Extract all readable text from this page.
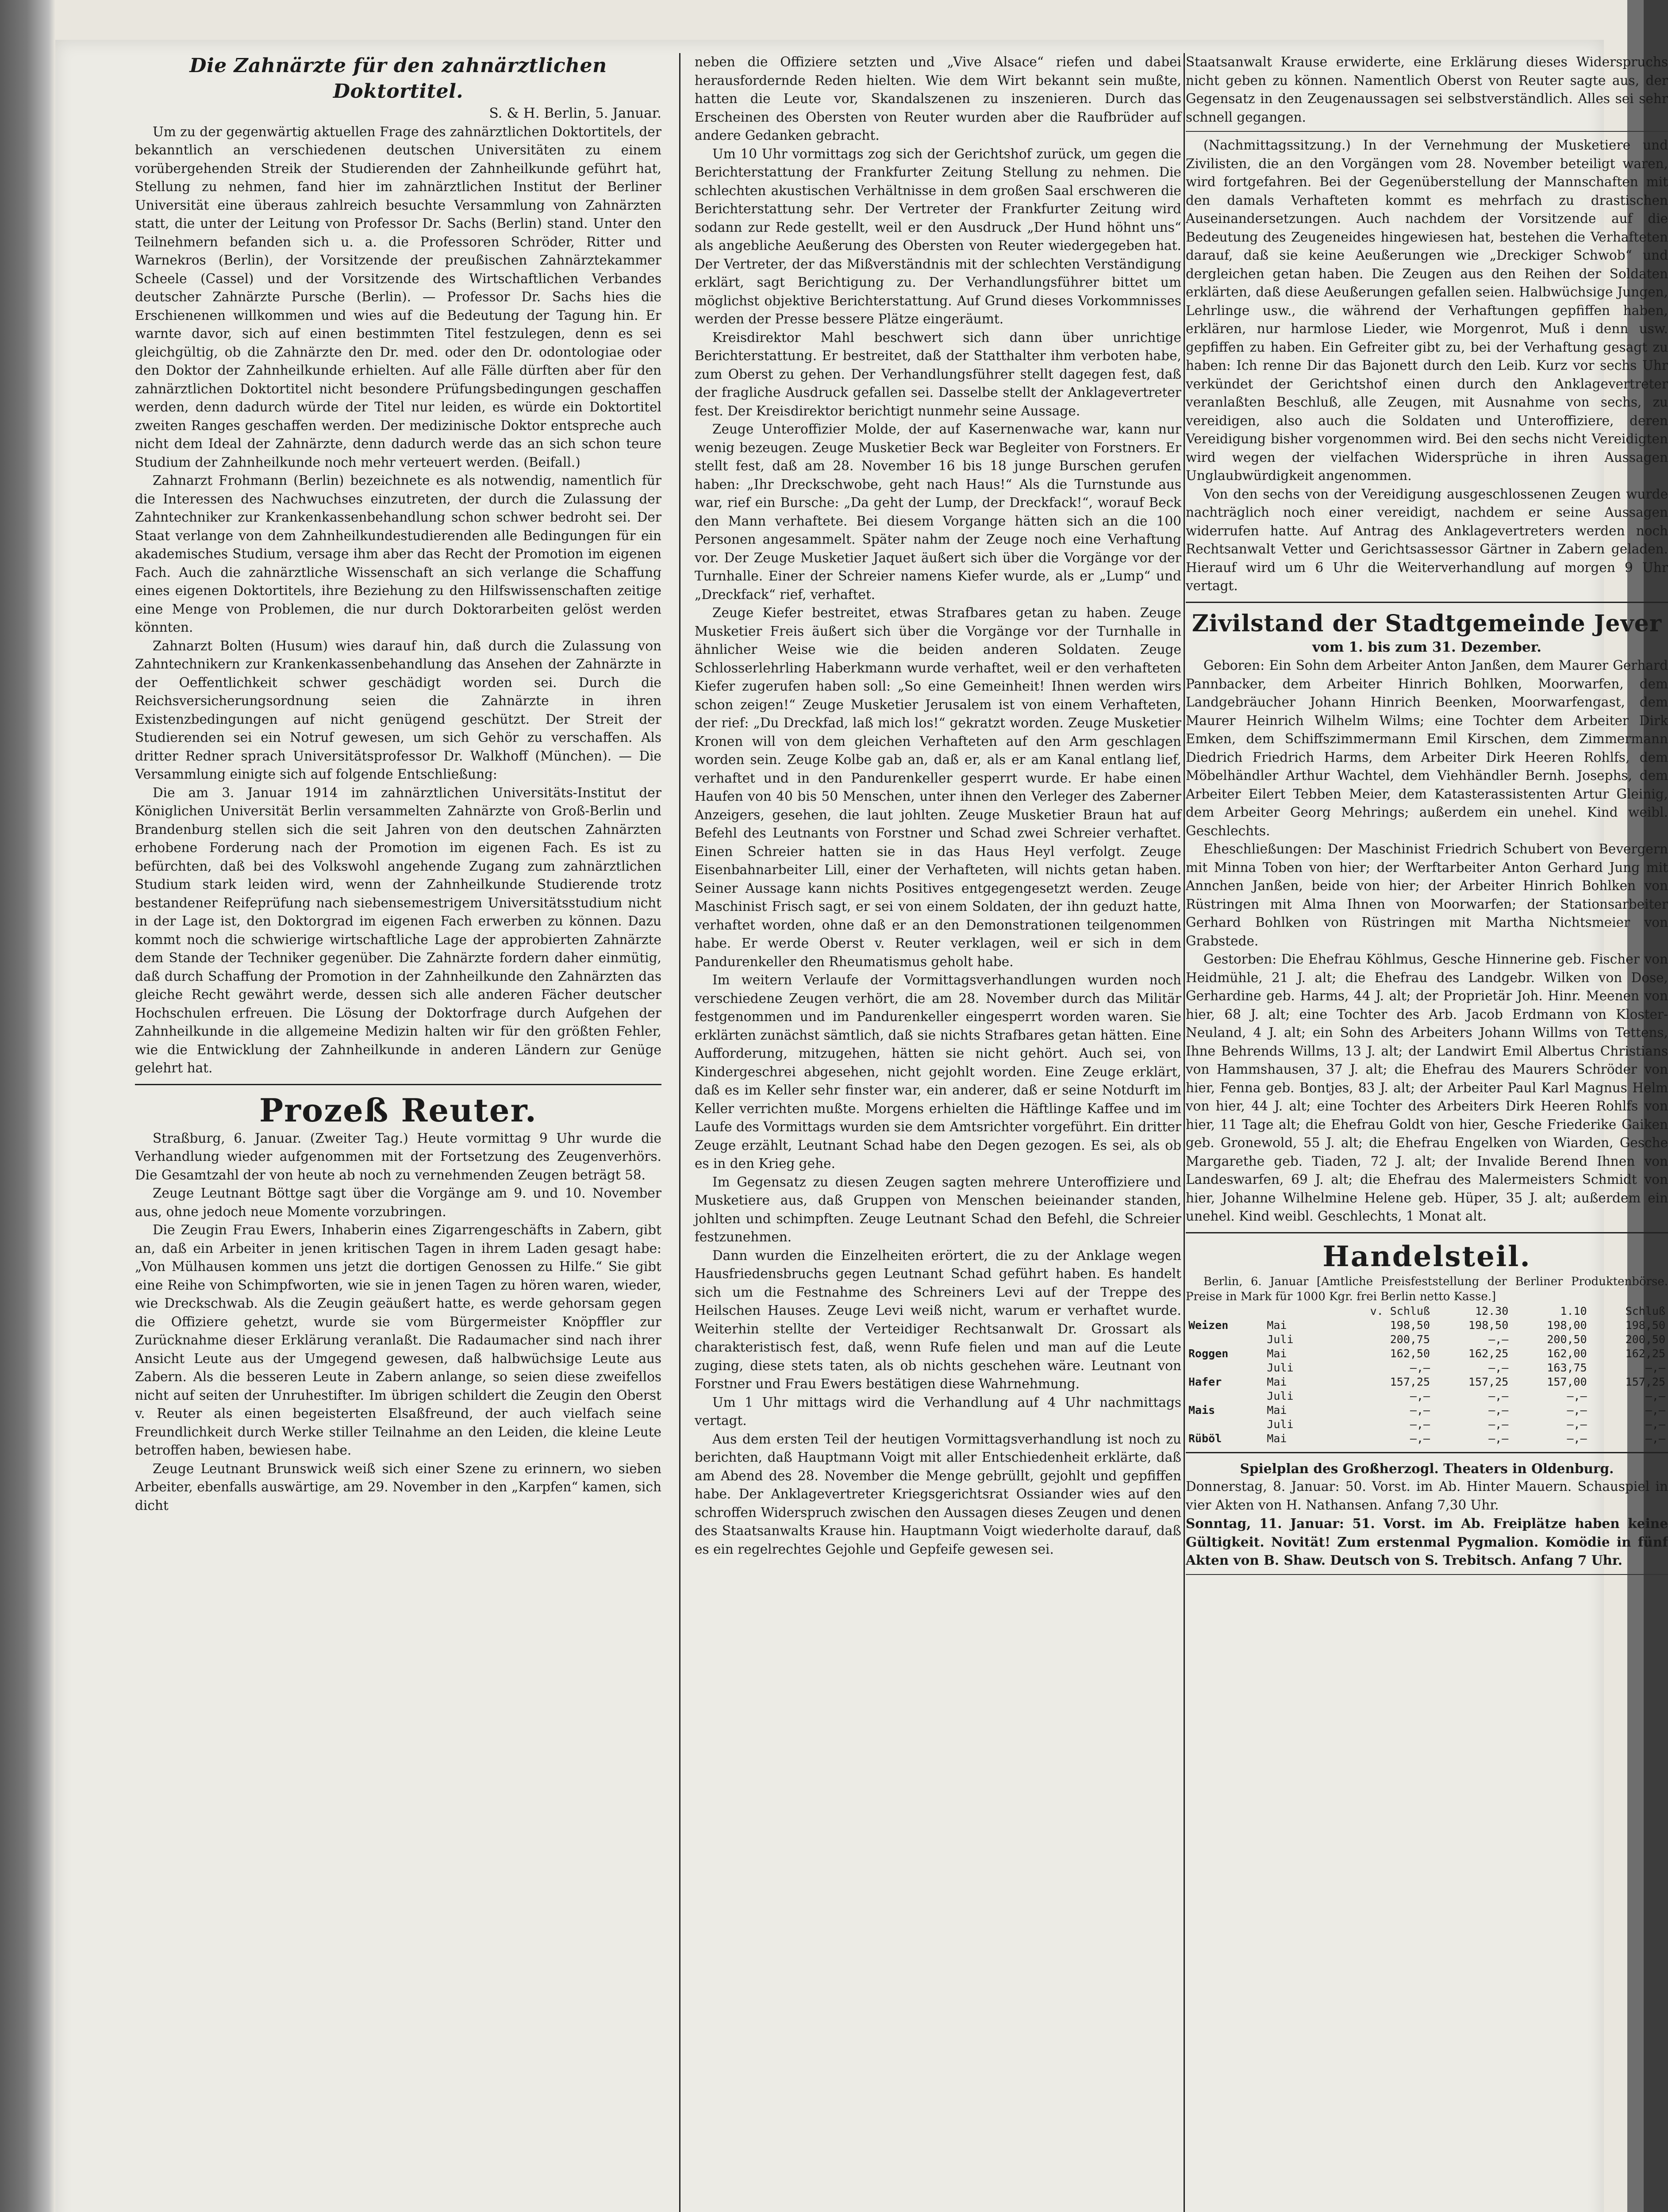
Die Zahnärzte für den zahnärztlichen Doktortitel.
S. & H. Berlin, 5. Januar.

Um zu der gegenwärtig aktuellen Frage des zahnärztlichen Doktortitels, der bekanntlich an verschiedenen deutschen Universitäten zu einem vorübergehenden Streik der Studierenden der Zahnheilkunde geführt hat, Stellung zu nehmen, fand hier im zahnärztlichen Institut der Berliner Universität eine überaus zahlreich besuchte Versammlung von Zahnärzten statt, die unter der Leitung von Professor Dr. Sachs (Berlin) stand. Unter den Teilnehmern befanden sich u. a. die Professoren Schröder, Ritter und Warnekros (Berlin), der Vorsitzende der preußischen Zahnärztekammer Scheele (Cassel) und der Vorsitzende des Wirtschaftlichen Verbandes deutscher Zahnärzte Pursche (Berlin). — Professor Dr. Sachs hies die Erschienenen willkommen und wies auf die Bedeutung der Tagung hin. Er warnte davor, sich auf einen bestimmten Titel festzulegen, denn es sei gleichgültig, ob die Zahnärzte den Dr. med. oder den Dr. odontologiae oder den Doktor der Zahnheilkunde erhielten. Auf alle Fälle dürften aber für den zahnärztlichen Doktortitel nicht besondere Prüfungsbedingungen geschaffen werden, denn dadurch würde der Titel nur leiden, es würde ein Doktortitel zweiten Ranges geschaffen werden. Der medizinische Doktor entspreche auch nicht dem Ideal der Zahnärzte, denn dadurch werde das an sich schon teure Studium der Zahnheilkunde noch mehr verteuert werden. (Beifall.)

Zahnarzt Frohmann (Berlin) bezeichnete es als notwendig, namentlich für die Interessen des Nachwuchses einzutreten, der durch die Zulassung der Zahntechniker zur Krankenkassenbehandlung schon schwer bedroht sei. Der Staat verlange von dem Zahnheilkundestudierenden alle Bedingungen für ein akademisches Studium, versage ihm aber das Recht der Promotion im eigenen Fach. Auch die zahnärztliche Wissenschaft an sich verlange die Schaffung eines eigenen Doktortitels, ihre Beziehung zu den Hilfswissenschaften zeitige eine Menge von Problemen, die nur durch Doktorarbeiten gelöst werden könnten.

Zahnarzt Bolten (Husum) wies darauf hin, daß durch die Zulassung von Zahntechnikern zur Krankenkassenbehandlung das Ansehen der Zahnärzte in der Oeffentlichkeit schwer geschädigt worden sei. Durch die Reichsversicherungsordnung seien die Zahnärzte in ihren Existenzbedingungen auf nicht genügend geschützt. Der Streit der Studierenden sei ein Notruf gewesen, um sich Gehör zu verschaffen. Als dritter Redner sprach Universitätsprofessor Dr. Walkhoff (München). — Die Versammlung einigte sich auf folgende Entschließung:

Die am 3. Januar 1914 im zahnärztlichen Universitäts-Institut der Königlichen Universität Berlin versammelten Zahnärzte von Groß-Berlin und Brandenburg stellen sich die seit Jahren von den deutschen Zahnärzten erhobene Forderung nach der Promotion im eigenen Fach. Es ist zu befürchten, daß bei des Volkswohl angehende Zugang zum zahnärztlichen Studium stark leiden wird, wenn der Zahnheilkunde Studierende trotz bestandener Reifeprüfung nach siebensemestrigem Universitätsstudium nicht in der Lage ist, den Doktorgrad im eigenen Fach erwerben zu können. Dazu kommt noch die schwierige wirtschaftliche Lage der approbierten Zahnärzte dem Stande der Techniker gegenüber. Die Zahnärzte fordern daher einmütig, daß durch Schaffung der Promotion in der Zahnheilkunde den Zahnärzten das gleiche Recht gewährt werde, dessen sich alle anderen Fächer deutscher Hochschulen erfreuen. Die Lösung der Doktorfrage durch Aufgehen der Zahnheilkunde in die allgemeine Medizin halten wir für den größten Fehler, wie die Entwicklung der Zahnheilkunde in anderen Ländern zur Genüge gelehrt hat.

Prozeß Reuter.

Straßburg, 6. Januar. (Zweiter Tag.) Heute vormittag 9 Uhr wurde die Verhandlung wieder aufgenommen mit der Fortsetzung des Zeugenverhörs. Die Gesamtzahl der von heute ab noch zu vernehmenden Zeugen beträgt 58.

Zeuge Leutnant Böttge sagt über die Vorgänge am 9. und 10. November aus, ohne jedoch neue Momente vorzubringen.

Die Zeugin Frau Ewers, Inhaberin eines Zigarrengeschäfts in Zabern, gibt an, daß ein Arbeiter in jenen kritischen Tagen in ihrem Laden gesagt habe: „Von Mülhausen kommen uns jetzt die dortigen Genossen zu Hilfe.“ Sie gibt eine Reihe von Schimpfworten, wie sie in jenen Tagen zu hören waren, wieder, wie Dreckschwab. Als die Zeugin geäußert hatte, es werde gehorsam gegen die Offiziere gehetzt, wurde sie vom Bürgermeister Knöpffler zur Zurücknahme dieser Erklärung veranlaßt. Die Radaumacher sind nach ihrer Ansicht Leute aus der Umgegend gewesen, daß halbwüchsige Leute aus Zabern. Als die besseren Leute in Zabern anlange, so seien diese zweifellos nicht auf seiten der Unruhestifter. Im übrigen schildert die Zeugin den Oberst v. Reuter als einen begeisterten Elsaßfreund, der auch vielfach seine Freundlichkeit durch Werke stiller Teilnahme an den Leiden, die kleine Leute betroffen haben, bewiesen habe.

Zeuge Leutnant Brunswick weiß sich einer Szene zu erinnern, wo sieben Arbeiter, ebenfalls auswärtige, am 29. November in den „Karpfen“ kamen, sich dicht

neben die Offiziere setzten und „Vive Alsace“ riefen und dabei herausfordernde Reden hielten. Wie dem Wirt bekannt sein mußte, hatten die Leute vor, Skandalszenen zu inszenieren. Durch das Erscheinen des Obersten von Reuter wurden aber die Raufbrüder auf andere Gedanken gebracht.

Um 10 Uhr vormittags zog sich der Gerichtshof zurück, um gegen die Berichterstattung der Frankfurter Zeitung Stellung zu nehmen. Die schlechten akustischen Verhältnisse in dem großen Saal erschweren die Berichterstattung sehr. Der Vertreter der Frankfurter Zeitung wird sodann zur Rede gestellt, weil er den Ausdruck „Der Hund höhnt uns“ als angebliche Aeußerung des Obersten von Reuter wiedergegeben hat. Der Vertreter, der das Mißverständnis mit der schlechten Verständigung erklärt, sagt Berichtigung zu. Der Verhandlungsführer bittet um möglichst objektive Berichterstattung. Auf Grund dieses Vorkommnisses werden der Presse bessere Plätze eingeräumt.

Kreisdirektor Mahl beschwert sich dann über unrichtige Berichterstattung. Er bestreitet, daß der Statthalter ihm verboten habe, zum Oberst zu gehen. Der Verhandlungsführer stellt dagegen fest, daß der fragliche Ausdruck gefallen sei. Dasselbe stellt der Anklagevertreter fest. Der Kreisdirektor berichtigt nunmehr seine Aussage.

Zeuge Unteroffizier Molde, der auf Kasernenwache war, kann nur wenig bezeugen. Zeuge Musketier Beck war Begleiter von Forstners. Er stellt fest, daß am 28. November 16 bis 18 junge Burschen gerufen haben: „Ihr Dreckschwobe, geht nach Haus!“ Als die Turnstunde aus war, rief ein Bursche: „Da geht der Lump, der Dreckfack!“, worauf Beck den Mann verhaftete. Bei diesem Vorgange hätten sich an die 100 Personen angesammelt. Später nahm der Zeuge noch eine Verhaftung vor. Der Zeuge Musketier Jaquet äußert sich über die Vorgänge vor der Turnhalle. Einer der Schreier namens Kiefer wurde, als er „Lump“ und „Dreckfack“ rief, verhaftet.

Zeuge Kiefer bestreitet, etwas Strafbares getan zu haben. Zeuge Musketier Freis äußert sich über die Vorgänge vor der Turnhalle in ähnlicher Weise wie die beiden anderen Soldaten. Zeuge Schlosserlehrling Haberkmann wurde verhaftet, weil er den verhafteten Kiefer zugerufen haben soll: „So eine Gemeinheit! Ihnen werden wirs schon zeigen!“ Zeuge Musketier Jerusalem ist von einem Verhafteten, der rief: „Du Dreckfad, laß mich los!“ gekratzt worden. Zeuge Musketier Kronen will von dem gleichen Verhafteten auf den Arm geschlagen worden sein. Zeuge Kolbe gab an, daß er, als er am Kanal entlang lief, verhaftet und in den Pandurenkeller gesperrt wurde. Er habe einen Haufen von 40 bis 50 Menschen, unter ihnen den Verleger des Zaberner Anzeigers, gesehen, die laut johlten. Zeuge Musketier Braun hat auf Befehl des Leutnants von Forstner und Schad zwei Schreier verhaftet. Einen Schreier hatten sie in das Haus Heyl verfolgt. Zeuge Eisenbahnarbeiter Lill, einer der Verhafteten, will nichts getan haben. Seiner Aussage kann nichts Positives entgegengesetzt werden. Zeuge Maschinist Frisch sagt, er sei von einem Soldaten, der ihn geduzt hatte, verhaftet worden, ohne daß er an den Demonstrationen teilgenommen habe. Er werde Oberst v. Reuter verklagen, weil er sich in dem Pandurenkeller den Rheumatismus geholt habe.

Im weitern Verlaufe der Vormittagsverhandlungen wurden noch verschiedene Zeugen verhört, die am 28. November durch das Militär festgenommen und im Pandurenkeller eingesperrt worden waren. Sie erklärten zunächst sämtlich, daß sie nichts Strafbares getan hätten. Eine Aufforderung, mitzugehen, hätten sie nicht gehört. Auch sei, von Kindergeschrei abgesehen, nicht gejohlt worden. Eine Zeuge erklärt, daß es im Keller sehr finster war, ein anderer, daß er seine Notdurft im Keller verrichten mußte. Morgens erhielten die Häftlinge Kaffee und im Laufe des Vormittags wurden sie dem Amtsrichter vorgeführt. Ein dritter Zeuge erzählt, Leutnant Schad habe den Degen gezogen. Es sei, als ob es in den Krieg gehe.

Im Gegensatz zu diesen Zeugen sagten mehrere Unteroffiziere und Musketiere aus, daß Gruppen von Menschen beieinander standen, johlten und schimpften. Zeuge Leutnant Schad den Befehl, die Schreier festzunehmen.

Dann wurden die Einzelheiten erörtert, die zu der Anklage wegen Hausfriedensbruchs gegen Leutnant Schad geführt haben. Es handelt sich um die Festnahme des Schreiners Levi auf der Treppe des Heilschen Hauses. Zeuge Levi weiß nicht, warum er verhaftet wurde. Weiterhin stellte der Verteidiger Rechtsanwalt Dr. Grossart als charakteristisch fest, daß, wenn Rufe fielen und man auf die Leute zuging, diese stets taten, als ob nichts geschehen wäre. Leutnant von Forstner und Frau Ewers bestätigen diese Wahrnehmung.

Um 1 Uhr mittags wird die Verhandlung auf 4 Uhr nachmittags vertagt.

Aus dem ersten Teil der heutigen Vormittagsverhandlung ist noch zu berichten, daß Hauptmann Voigt mit aller Entschiedenheit erklärte, daß am Abend des 28. November die Menge gebrüllt, gejohlt und gepfiffen habe. Der Anklagevertreter Kriegsgerichtsrat Ossiander wies auf den schroffen Widerspruch zwischen den Aussagen dieses Zeugen und denen des Staatsanwalts Krause hin. Hauptmann Voigt wiederholte darauf, daß es ein regelrechtes Gejohle und Gepfeife gewesen sei.

Staatsanwalt Krause erwiderte, eine Erklärung dieses Widerspruchs nicht geben zu können. Namentlich Oberst von Reuter sagte aus, der Gegensatz in den Zeugenaussagen sei selbstverständlich. Alles sei sehr schnell gegangen.

(Nachmittagssitzung.) In der Vernehmung der Musketiere und Zivilisten, die an den Vorgängen vom 28. November beteiligt waren, wird fortgefahren. Bei der Gegenüberstellung der Mannschaften mit den damals Verhafteten kommt es mehrfach zu drastischen Auseinandersetzungen. Auch nachdem der Vorsitzende auf die Bedeutung des Zeugeneides hingewiesen hat, bestehen die Verhafteten darauf, daß sie keine Aeußerungen wie „Dreckiger Schwob“ und dergleichen getan haben. Die Zeugen aus den Reihen der Soldaten erklärten, daß diese Aeußerungen gefallen seien. Halbwüchsige Jungen, Lehrlinge usw., die während der Verhaftungen gepfiffen haben, erklären, nur harmlose Lieder, wie Morgenrot, Muß i denn usw. gepfiffen zu haben. Ein Gefreiter gibt zu, bei der Verhaftung gesagt zu haben: Ich renne Dir das Bajonett durch den Leib. Kurz vor sechs Uhr verkündet der Gerichtshof einen durch den Anklagevertreter veranlaßten Beschluß, alle Zeugen, mit Ausnahme von sechs, zu vereidigen, also auch die Soldaten und Unteroffiziere, deren Vereidigung bisher vorgenommen wird. Bei den sechs nicht Vereidigten wird wegen der vielfachen Widersprüche in ihren Aussagen Unglaubwürdigkeit angenommen.

Von den sechs von der Vereidigung ausgeschlossenen Zeugen wurde nachträglich noch einer vereidigt, nachdem er seine Aussagen widerrufen hatte. Auf Antrag des Anklagevertreters werden noch Rechtsanwalt Vetter und Gerichtsassessor Gärtner in Zabern geladen. Hierauf wird um 6 Uhr die Weiterverhandlung auf morgen 9 Uhr vertagt.

Zivilstand der Stadtgemeinde Jever
vom 1. bis zum 31. Dezember.

Geboren: Ein Sohn dem Arbeiter Anton Janßen, dem Maurer Gerhard Pannbacker, dem Arbeiter Hinrich Bohlken, Moorwarfen, dem Landgebräucher Johann Hinrich Beenken, Moorwarfengast, dem Maurer Heinrich Wilhelm Wilms; eine Tochter dem Arbeiter Dirk Emken, dem Schiffszimmermann Emil Kirschen, dem Zimmermann Diedrich Friedrich Harms, dem Arbeiter Dirk Heeren Rohlfs, dem Möbelhändler Arthur Wachtel, dem Viehhändler Bernh. Josephs, dem Arbeiter Eilert Tebben Meier, dem Katasterassistenten Artur Gleinig, dem Arbeiter Georg Mehrings; außerdem ein unehel. Kind weibl. Geschlechts.

Eheschließungen: Der Maschinist Friedrich Schubert von Bevergern mit Minna Toben von hier; der Werftarbeiter Anton Gerhard Jung mit Annchen Janßen, beide von hier; der Arbeiter Hinrich Bohlken von Rüstringen mit Alma Ihnen von Moorwarfen; der Stationsarbeiter Gerhard Bohlken von Rüstringen mit Martha Nichtsmeier von Grabstede.

Gestorben: Die Ehefrau Köhlmus, Gesche Hinnerine geb. Fischer von Heidmühle, 21 J. alt; die Ehefrau des Landgebr. Wilken von Dose, Gerhardine geb. Harms, 44 J. alt; der Proprietär Joh. Hinr. Meenen von hier, 68 J. alt; eine Tochter des Arb. Jacob Erdmann von Kloster-Neuland, 4 J. alt; ein Sohn des Arbeiters Johann Willms von Tettens, Ihne Behrends Willms, 13 J. alt; der Landwirt Emil Albertus Christians von Hammshausen, 37 J. alt; die Ehefrau des Maurers Schröder von hier, Fenna geb. Bontjes, 83 J. alt; der Arbeiter Paul Karl Magnus Helm von hier, 44 J. alt; eine Tochter des Arbeiters Dirk Heeren Rohlfs von hier, 11 Tage alt; die Ehefrau Goldt von hier, Gesche Friederike Gaiken geb. Gronewold, 55 J. alt; die Ehefrau Engelken von Wiarden, Gesche Margarethe geb. Tiaden, 72 J. alt; der Invalide Berend Ihnen von Landeswarfen, 69 J. alt; die Ehefrau des Malermeisters Schmidt von hier, Johanne Wilhelmine Helene geb. Hüper, 35 J. alt; außerdem ein unehel. Kind weibl. Geschlechts, 1 Monat alt.

Handelsteil.

Berlin, 6. Januar [Amtliche Preisfeststellung der Berliner Produktenbörse. Preise in Mark für 1000 Kgr. frei Berlin netto Kasse.]

		v. Schluß	12.30	1.10	Schluß
Weizen	Mai	198,50	198,50	198,00	198,50
	Juli	200,75	—,—	200,50	200,50
Roggen	Mai	162,50	162,25	162,00	162,25
	Juli	—,—	—,—	163,75	—,—
Hafer	Mai	157,25	157,25	157,00	157,25
	Juli	—,—	—,—	—,—	—,—
Mais	Mai	—,—	—,—	—,—	—,—
	Juli	—,—	—,—	—,—	—,—
Rüböl	Mai	—,—	—,—	—,—	—,—

Spielplan des Großherzogl. Theaters in Oldenburg.

Donnerstag, 8. Januar: 50. Vorst. im Ab. Hinter Mauern. Schauspiel in vier Akten von H. Nathansen. Anfang 7,30 Uhr.

Sonntag, 11. Januar: 51. Vorst. im Ab. Freiplätze haben keine Gültigkeit. Novität! Zum erstenmal Pygmalion. Komödie in fünf Akten von B. Shaw. Deutsch von S. Trebitsch. Anfang 7 Uhr.
